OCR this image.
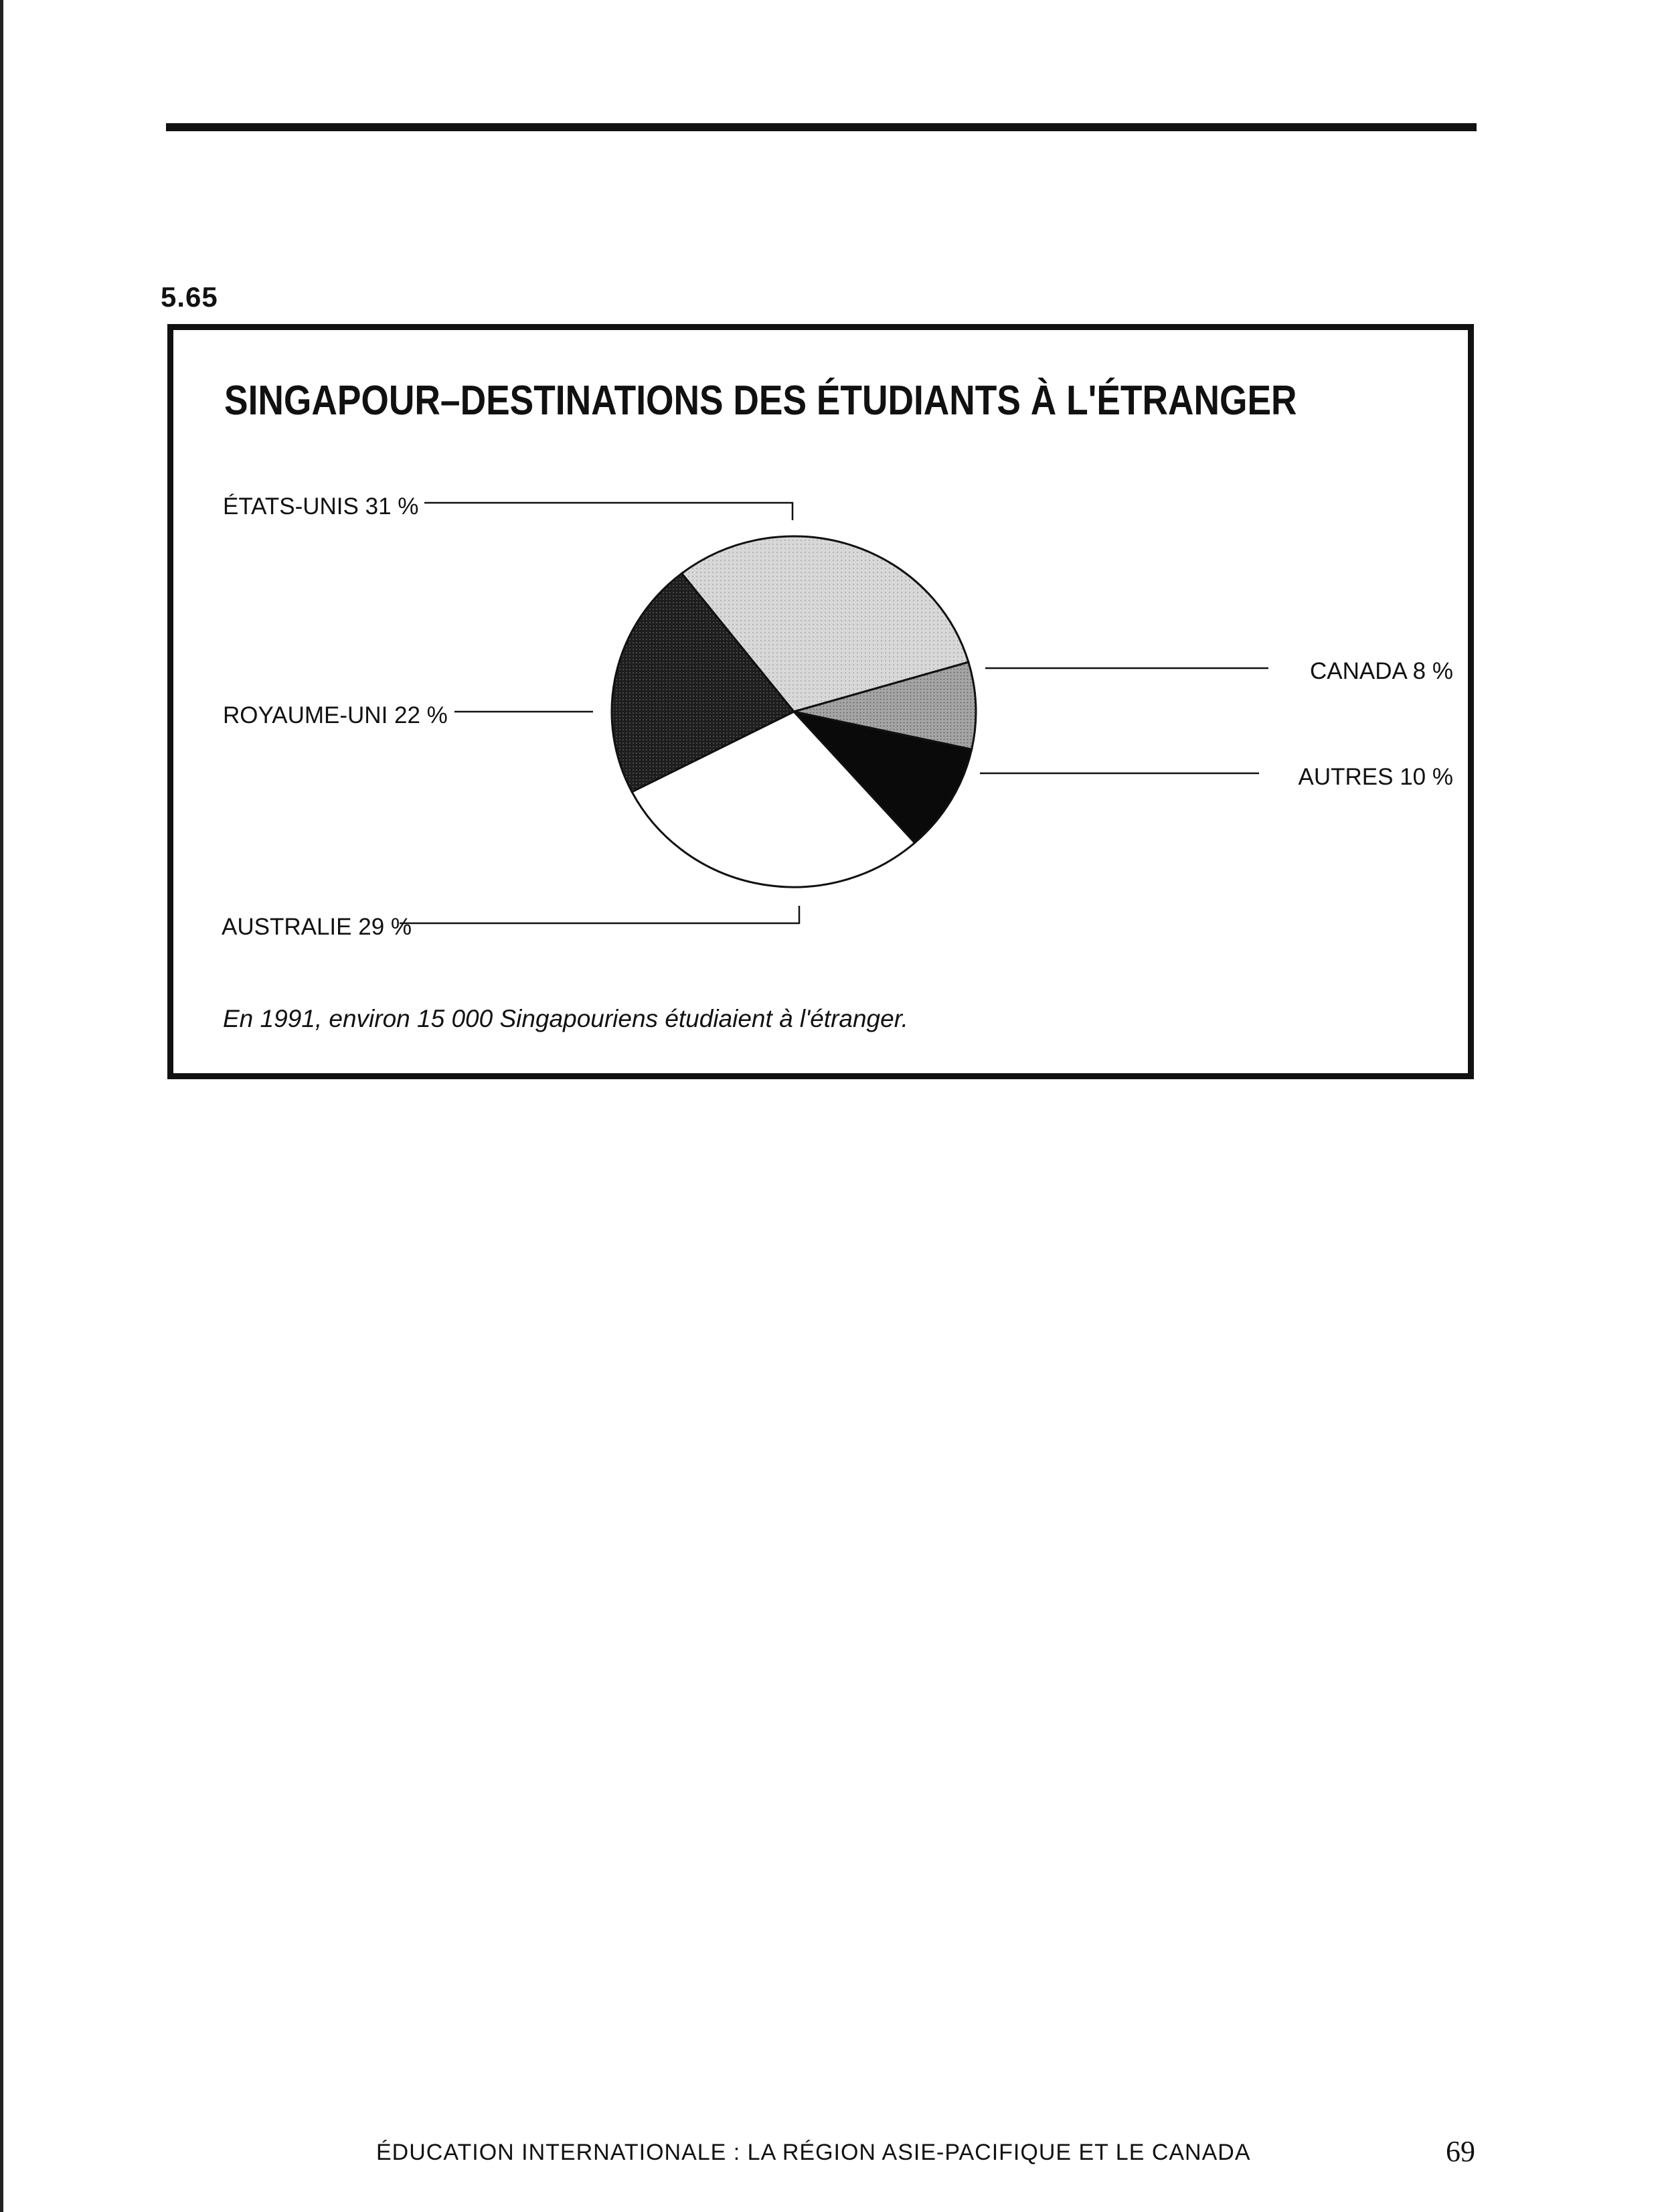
5.65
SINGAPOUR–DESTINATIONS DES ÉTUDIANTS À L'ÉTRANGER
ÉTATS-UNIS 31 %
ROYAUME-UNI 22 %
AUSTRALIE 29 %
CANADA 8 %
AUTRES 10 %
En 1991, environ 15 000 Singapouriens étudiaient à l'étranger.
ÉDUCATION INTERNATIONALE : LA RÉGION ASIE-PACIFIQUE ET LE CANADA	69
